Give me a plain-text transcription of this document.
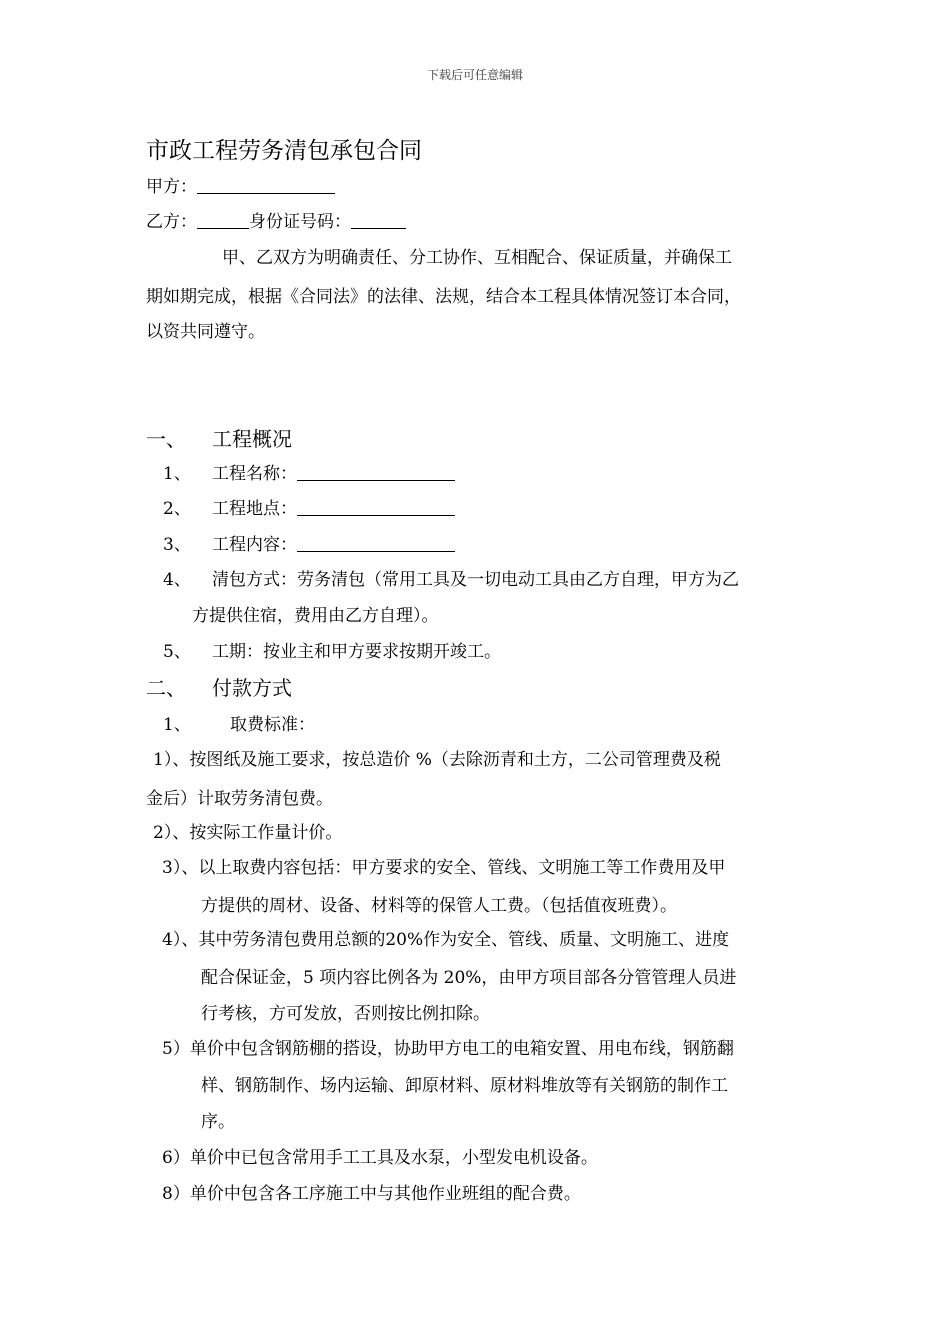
下载后可任意编辑
市政工程劳务清包承包合同
甲方：
乙方：	身份证号码：
甲、乙双方为明确责任、分工协作、互相配合、保证质量，并确保工
期如期完成，根据《合同法》的法律、法规，结合本工程具体情况签订本合同，
以资共同遵守。
一、 工程概况
1、 工程名称：
2、 工程地点：
3、 工程内容：
4、 清包方式：劳务清包（常用工具及一切电动工具由乙方自理，甲方为乙
方提供住宿，费用由乙方自理）。
5、 工期：按业主和甲方要求按期开竣工。
二、 付款方式
1、 取费标准：
1）、按图纸及施工要求，按总造价 %（去除沥青和土方，二公司管理费及税
金后）计取劳务清包费。
2）、按实际工作量计价。
3）、以上取费内容包括：甲方要求的安全、管线、文明施工等工作费用及甲
方提供的周材、设备、材料等的保管人工费。（包括值夜班费）。
4）、其中劳务清包费用总额的20%作为安全、管线、质量、文明施工、进度
配合保证金，5 项内容比例各为 20%，由甲方项目部各分管管理人员进
行考核，方可发放，否则按比例扣除。
5）单价中包含钢筋棚的搭设，协助甲方电工的电箱安置、用电布线，钢筋翻
样、钢筋制作、场内运输、卸原材料、原材料堆放等有关钢筋的制作工
序。
6）单价中已包含常用手工工具及水泵，小型发电机设备。
8）单价中包含各工序施工中与其他作业班组的配合费。
